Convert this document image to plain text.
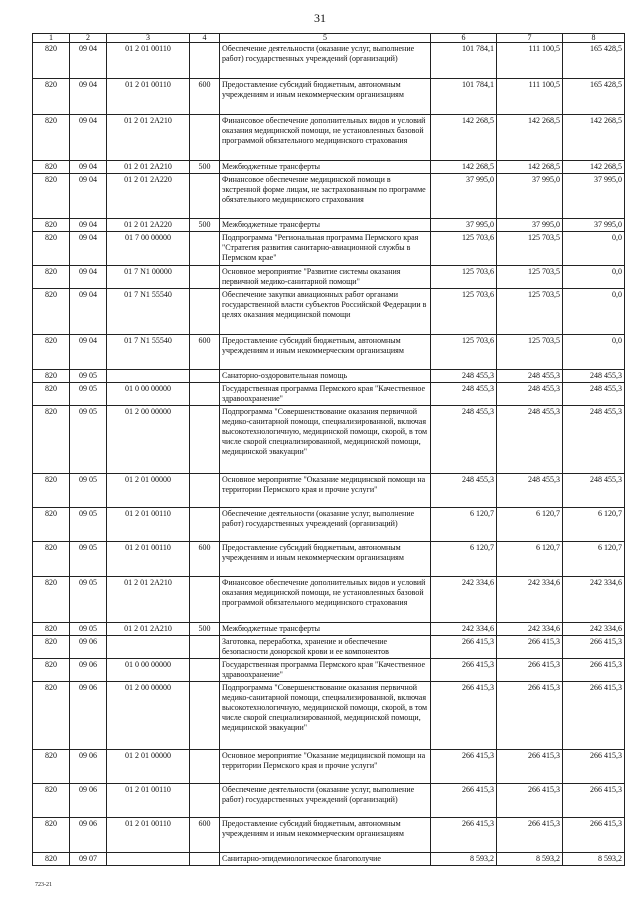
31
1	2	3	4	5	6	7	8
820	09 04	01 2 01 00110		Обеспечение деятельности (оказание услуг, выполнение работ) государственных учреждений (организаций)	101 784,1	111 100,5	165 428,5
820	09 04	01 2 01 00110	600	Предоставление субсидий бюджетным, автономным учреждениям и иным некоммерческим организациям	101 784,1	111 100,5	165 428,5
820	09 04	01 2 01 2А210		Финансовое обеспечение дополнительных видов и условий оказания медицинской помощи, не установленных базовой программой обязательного медицинского страхования	142 268,5	142 268,5	142 268,5
820	09 04	01 2 01 2А210	500	Межбюджетные трансферты	142 268,5	142 268,5	142 268,5
820	09 04	01 2 01 2А220		Финансовое обеспечение медицинской помощи в экстренной форме лицам, не застрахованным по программе обязательного медицинского страхования	37 995,0	37 995,0	37 995,0
820	09 04	01 2 01 2А220	500	Межбюджетные трансферты	37 995,0	37 995,0	37 995,0
820	09 04	01 7 00 00000		Подпрограмма "Региональная программа Пермского края "Стратегия развития санитарно-авиационной службы в Пермском крае"	125 703,6	125 703,5	0,0
820	09 04	01 7 N1 00000		Основное мероприятие "Развитие системы оказания первичной медико-санитарной помощи"	125 703,6	125 703,5	0,0
820	09 04	01 7 N1 55540		Обеспечение закупки авиационных работ органами государственной власти субъектов Российской Федерации в целях оказания медицинской помощи	125 703,6	125 703,5	0,0
820	09 04	01 7 N1 55540	600	Предоставление субсидий бюджетным, автономным учреждениям и иным некоммерческим организациям	125 703,6	125 703,5	0,0
820	09 05			Санаторно-оздоровительная помощь	248 455,3	248 455,3	248 455,3
820	09 05	01 0 00 00000		Государственная программа Пермского края "Качественное здравоохранение"	248 455,3	248 455,3	248 455,3
820	09 05	01 2 00 00000		Подпрограмма "Совершенствование оказания первичной медико-санитарной помощи, специализированной, включая высокотехнологичную, медицинской помощи, скорой, в том числе скорой специализированной, медицинской помощи, медицинской эвакуации"	248 455,3	248 455,3	248 455,3
820	09 05	01 2 01 00000		Основное мероприятие "Оказание медицинской помощи на территории Пермского края и прочие услуги"	248 455,3	248 455,3	248 455,3
820	09 05	01 2 01 00110		Обеспечение деятельности (оказание услуг, выполнение работ) государственных учреждений (организаций)	6 120,7	6 120,7	6 120,7
820	09 05	01 2 01 00110	600	Предоставление субсидий бюджетным, автономным учреждениям и иным некоммерческим организациям	6 120,7	6 120,7	6 120,7
820	09 05	01 2 01 2А210		Финансовое обеспечение дополнительных видов и условий оказания медицинской помощи, не установленных базовой программой обязательного медицинского страхования	242 334,6	242 334,6	242 334,6
820	09 05	01 2 01 2А210	500	Межбюджетные трансферты	242 334,6	242 334,6	242 334,6
820	09 06			Заготовка, переработка, хранение и обеспечение безопасности донорской крови и ее компонентов	266 415,3	266 415,3	266 415,3
820	09 06	01 0 00 00000		Государственная программа Пермского края "Качественное здравоохранение"	266 415,3	266 415,3	266 415,3
820	09 06	01 2 00 00000		Подпрограмма "Совершенствование оказания первичной медико-санитарной помощи, специализированной, включая высокотехнологичную, медицинской помощи, скорой, в том числе скорой специализированной, медицинской помощи, медицинской эвакуации"	266 415,3	266 415,3	266 415,3
820	09 06	01 2 01 00000		Основное мероприятие "Оказание медицинской помощи на территории Пермского края и прочие услуги"	266 415,3	266 415,3	266 415,3
820	09 06	01 2 01 00110		Обеспечение деятельности (оказание услуг, выполнение работ) государственных учреждений (организаций)	266 415,3	266 415,3	266 415,3
820	09 06	01 2 01 00110	600	Предоставление субсидий бюджетным, автономным учреждениям и иным некоммерческим организациям	266 415,3	266 415,3	266 415,3
820	09 07			Санитарно-эпидемиологическое благополучие	8 593,2	8 593,2	8 593,2
723-21
